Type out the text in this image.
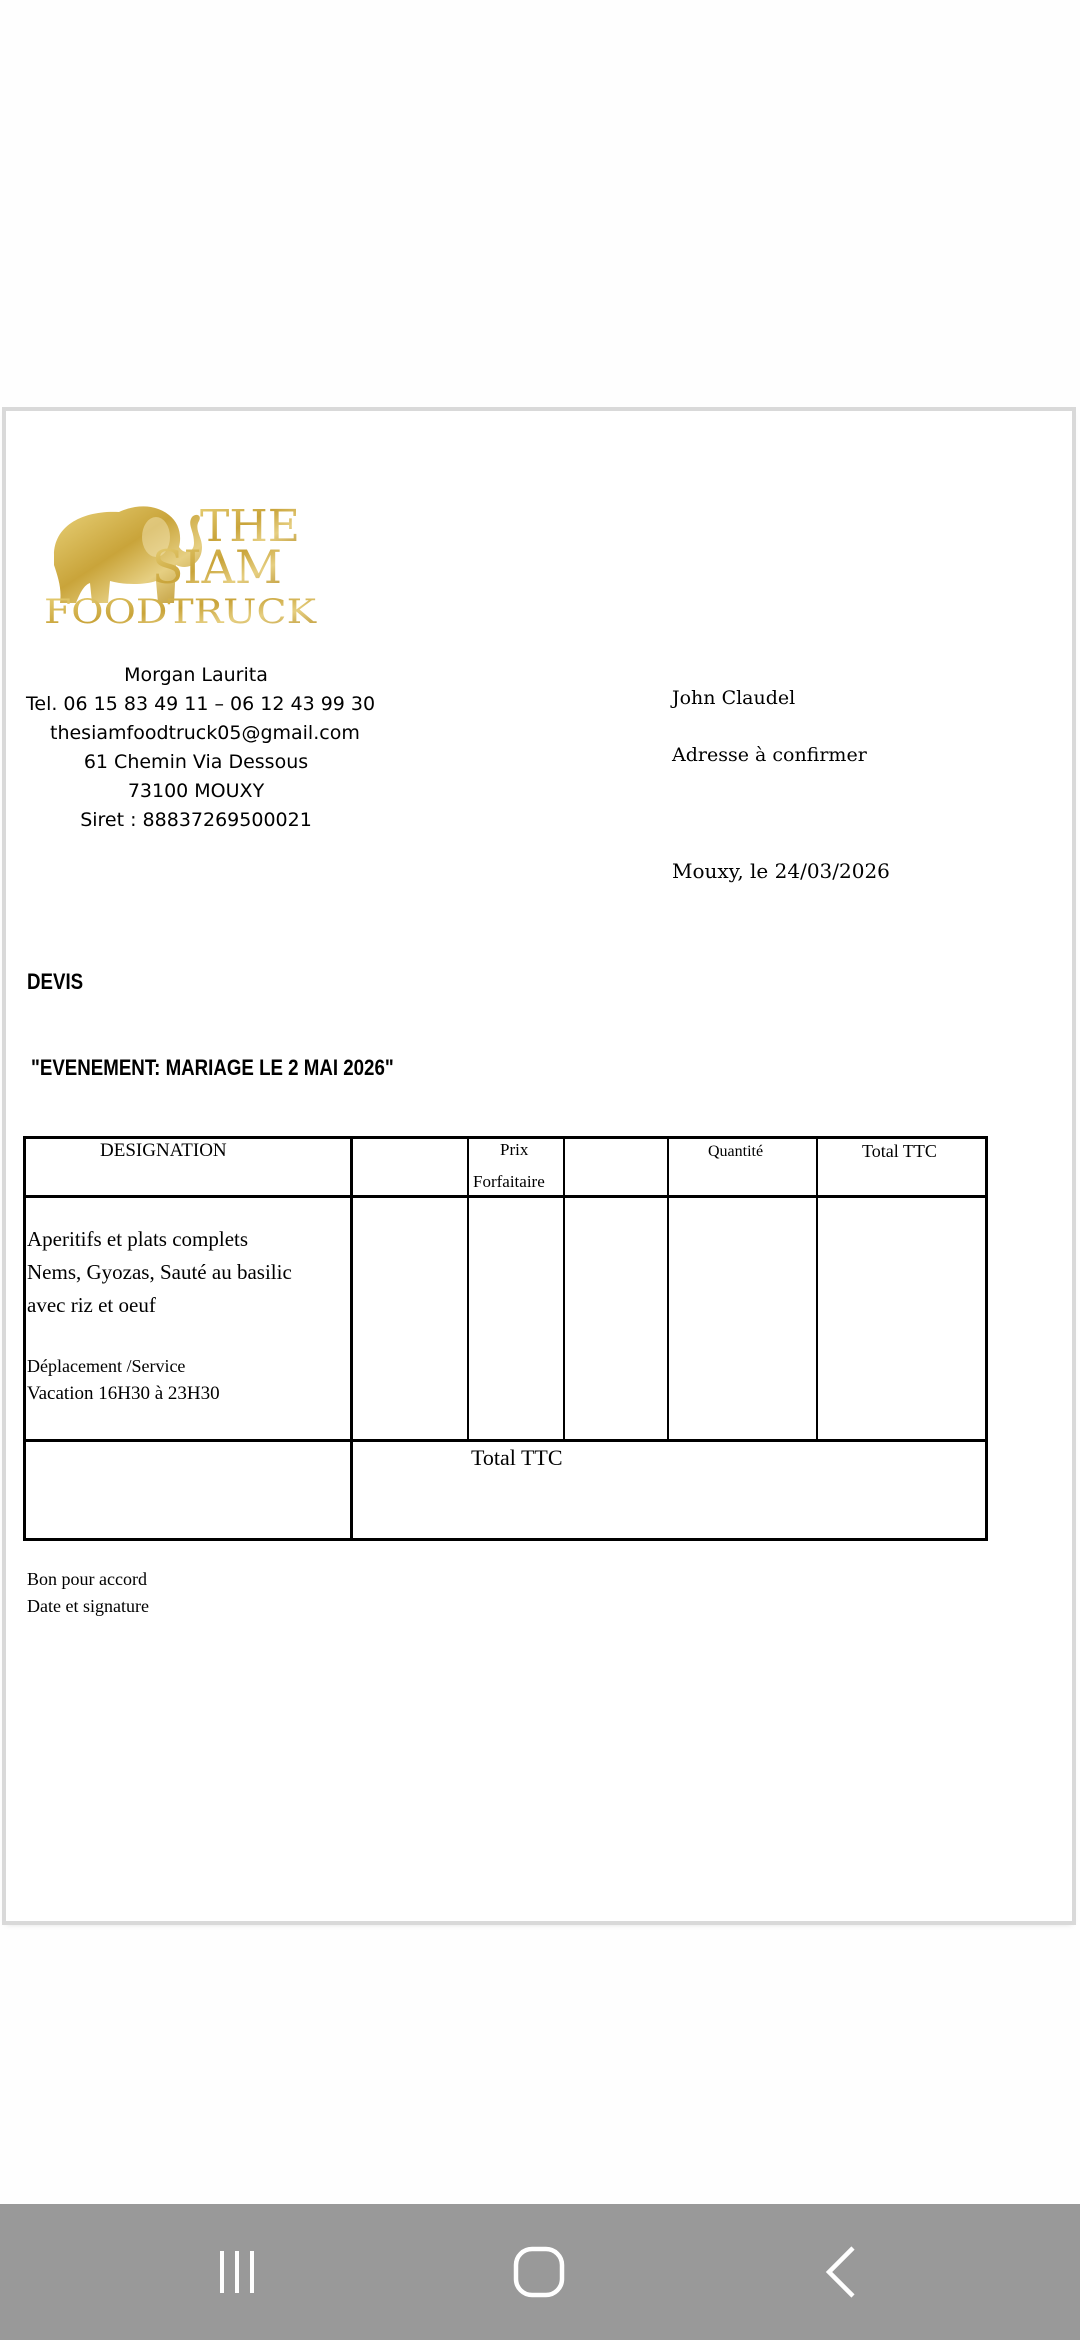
THE
SIAM
FOODTRUCK
Morgan Laurita
Tel. 06 15 83 49 11 – 06 12 43 99 30
thesiamfoodtruck05@gmail.com
61 Chemin Via Dessous
73100 MOUXY
Siret : 88837269500021
John Claudel
Adresse à confirmer
Mouxy, le 24/03/2026
DEVIS
"EVENEMENT: MARIAGE LE 2 MAI 2026"
DESIGNATION	Prix
Forfaitaire
Quantité	Total TTC
Aperitifs et plats complets
Nems, Gyozas, Sauté au basilic
avec riz et oeuf
Déplacement /Service
Vacation 16H30 à 23H30
Total TTC
Bon pour accord
Date et signature
